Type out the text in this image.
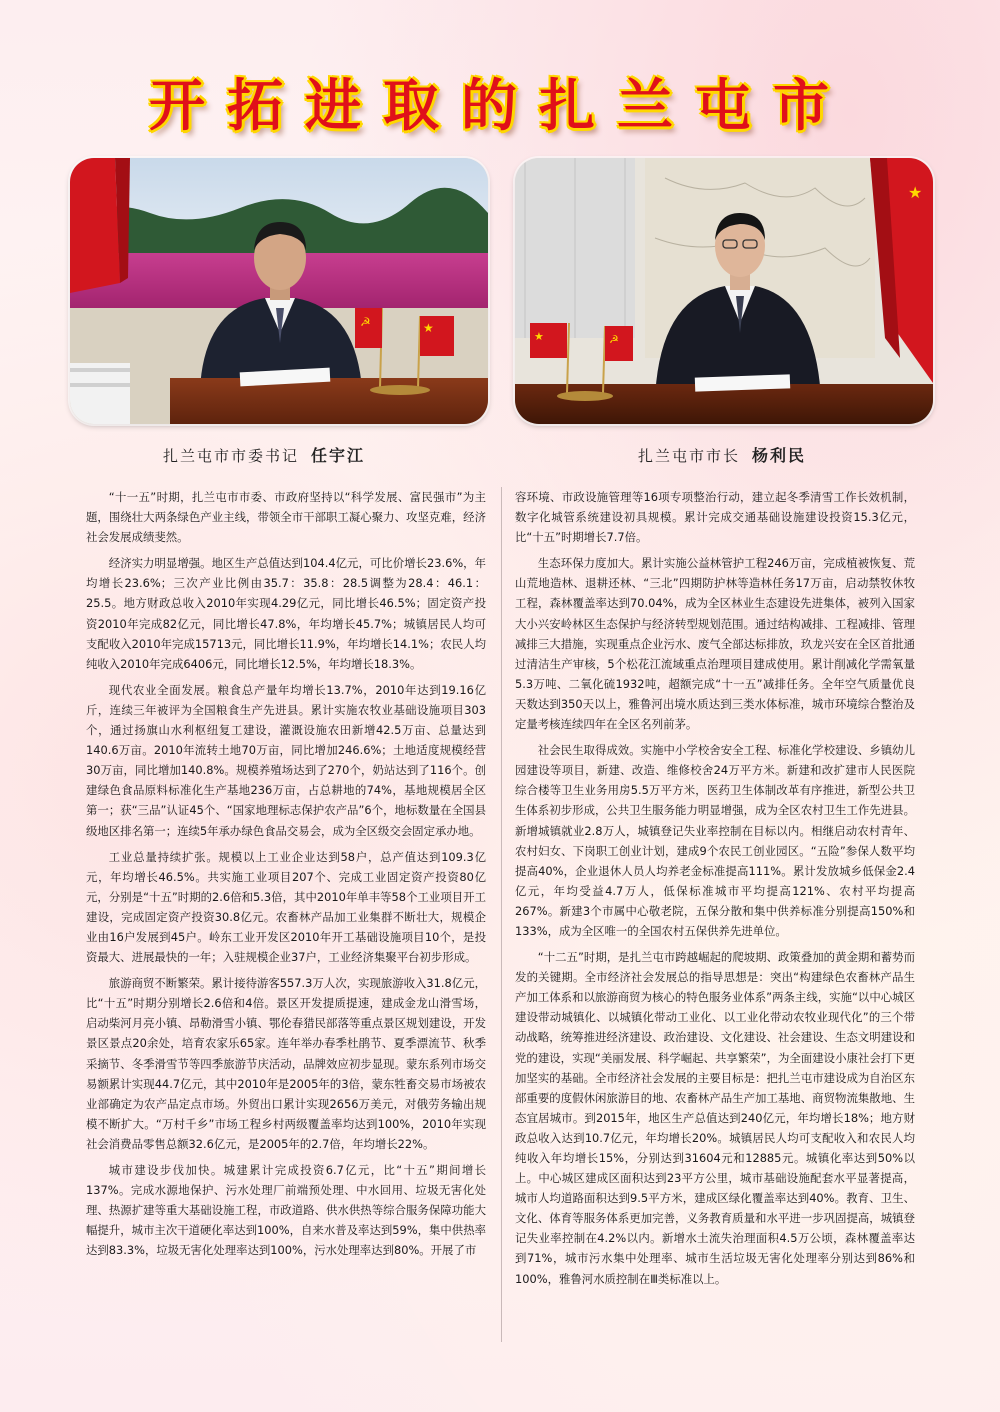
开拓进取的扎兰屯市
☭	★
★
★	☭
扎兰屯市市委书记 任宇江	扎兰屯市市长 杨利民

“十一五”时期，扎兰屯市市委、市政府坚持以“科学发展、富民强市”为主题，围绕壮大两条绿色产业主线，带领全市干部职工凝心聚力、攻坚克难，经济社会发展成绩斐然。

经济实力明显增强。地区生产总值达到104.4亿元，可比价增长23.6%，年均增长23.6%；三次产业比例由35.7：35.8：28.5调整为28.4：46.1：25.5。地方财政总收入2010年实现4.29亿元，同比增长46.5%；固定资产投资2010年完成82亿元，同比增长47.8%，年均增长45.7%；城镇居民人均可支配收入2010年完成15713元，同比增长11.9%，年均增长14.1%；农民人均纯收入2010年完成6406元，同比增长12.5%，年均增长18.3%。

现代农业全面发展。粮食总产量年均增长13.7%，2010年达到19.16亿斤，连续三年被评为全国粮食生产先进县。累计实施农牧业基础设施项目303个，通过扬旗山水利枢纽复工建设，灌溉设施农田新增42.5万亩、总量达到140.6万亩。2010年流转土地70万亩，同比增加246.6%；土地适度规模经营30万亩，同比增加140.8%。规模养殖场达到了270个，奶站达到了116个。创建绿色食品原料标准化生产基地236万亩，占总耕地的74%，基地规模居全区第一；获“三品”认证45个、“国家地理标志保护农产品”6个，地标数量在全国县级地区排名第一；连续5年承办绿色食品交易会，成为全区级交会固定承办地。

工业总量持续扩张。规模以上工业企业达到58户，总产值达到109.3亿元，年均增长46.5%。共实施工业项目207个、完成工业固定资产投资80亿元，分别是“十五”时期的2.6倍和5.3倍，其中2010年单丰等58个工业项目开工建设，完成固定资产投资30.8亿元。农畜林产品加工业集群不断壮大，规模企业由16户发展到45户。岭东工业开发区2010年开工基础设施项目10个，是投资最大、进展最快的一年；入驻规模企业37户，工业经济集聚平台初步形成。

旅游商贸不断繁荣。累计接待游客557.3万人次，实现旅游收入31.8亿元，比“十五”时期分别增长2.6倍和4倍。景区开发提质提速，建成金龙山滑雪场，启动柴河月亮小镇、昂勒滑雪小镇、鄂伦春猎民部落等重点景区规划建设，开发景区景点20余处，培育农家乐65家。连年举办春季杜鹃节、夏季漂流节、秋季采摘节、冬季滑雪节等四季旅游节庆活动，品牌效应初步显现。蒙东系列市场交易额累计实现44.7亿元，其中2010年是2005年的3倍，蒙东牲畜交易市场被农业部确定为农产品定点市场。外贸出口累计实现2656万美元，对俄劳务输出规模不断扩大。“万村千乡”市场工程乡村两级覆盖率均达到100%，2010年实现社会消费品零售总额32.6亿元，是2005年的2.7倍，年均增长22%。

城市建设步伐加快。城建累计完成投资6.7亿元，比“十五”期间增长137%。完成水源地保护、污水处理厂前端预处理、中水回用、垃圾无害化处理、热源扩建等重大基础设施工程，市政道路、供水供热等综合服务保障功能大幅提升，城市主次干道硬化率达到100%，自来水普及率达到59%，集中供热率达到83.3%，垃圾无害化处理率达到100%，污水处理率达到80%。开展了市

容环境、市政设施管理等16项专项整治行动，建立起冬季清雪工作长效机制，数字化城管系统建设初具规模。累计完成交通基础设施建设投资15.3亿元，比“十五”时期增长7.7倍。

生态环保力度加大。累计实施公益林管护工程246万亩，完成植被恢复、荒山荒地造林、退耕还林、“三北”四期防护林等造林任务17万亩，启动禁牧休牧工程，森林覆盖率达到70.04%，成为全区林业生态建设先进集体，被列入国家大小兴安岭林区生态保护与经济转型规划范围。通过结构减排、工程减排、管理减排三大措施，实现重点企业污水、废气全部达标排放，玖龙兴安在全区首批通过清洁生产审核，5个松花江流域重点治理项目建成使用。累计削减化学需氧量5.3万吨、二氧化硫1932吨，超额完成“十一五”减排任务。全年空气质量优良天数达到350天以上，雅鲁河出境水质达到三类水体标准，城市环境综合整治及定量考核连续四年在全区名列前茅。

社会民生取得成效。实施中小学校舍安全工程、标准化学校建设、乡镇幼儿园建设等项目，新建、改造、维修校舍24万平方米。新建和改扩建市人民医院综合楼等卫生业务用房5.5万平方米，医药卫生体制改革有序推进，新型公共卫生体系初步形成，公共卫生服务能力明显增强，成为全区农村卫生工作先进县。新增城镇就业2.8万人，城镇登记失业率控制在目标以内。相继启动农村青年、农村妇女、下岗职工创业计划，建成9个农民工创业园区。“五险”参保人数平均提高40%，企业退休人员人均养老金标准提高111%。累计发放城乡低保金2.4亿元，年均受益4.7万人，低保标准城市平均提高121%、农村平均提高267%。新建3个市属中心敬老院，五保分散和集中供养标准分别提高150%和133%，成为全区唯一的全国农村五保供养先进单位。

“十二五”时期，是扎兰屯市跨越崛起的爬坡期、政策叠加的黄金期和蓄势而发的关键期。全市经济社会发展总的指导思想是：突出“构建绿色农畜林产品生产加工体系和以旅游商贸为核心的特色服务业体系”两条主线，实施“以中心城区建设带动城镇化、以城镇化带动工业化、以工业化带动农牧业现代化”的三个带动战略，统筹推进经济建设、政治建设、文化建设、社会建设、生态文明建设和党的建设，实现“美丽发展、科学崛起、共享繁荣”，为全面建设小康社会打下更加坚实的基础。全市经济社会发展的主要目标是：把扎兰屯市建设成为自治区东部重要的度假休闲旅游目的地、农畜林产品生产加工基地、商贸物流集散地、生态宜居城市。到2015年，地区生产总值达到240亿元，年均增长18%；地方财政总收入达到10.7亿元，年均增长20%。城镇居民人均可支配收入和农民人均纯收入年均增长15%，分别达到31604元和12885元。城镇化率达到50%以上。中心城区建成区面积达到23平方公里，城市基础设施配套水平显著提高，城市人均道路面积达到9.5平方米，建成区绿化覆盖率达到40%。教育、卫生、文化、体育等服务体系更加完善，义务教育质量和水平进一步巩固提高，城镇登记失业率控制在4.2%以内。新增水土流失治理面积4.5万公顷，森林覆盖率达到71%，城市污水集中处理率、城市生活垃圾无害化处理率分别达到86%和100%，雅鲁河水质控制在Ⅲ类标准以上。
